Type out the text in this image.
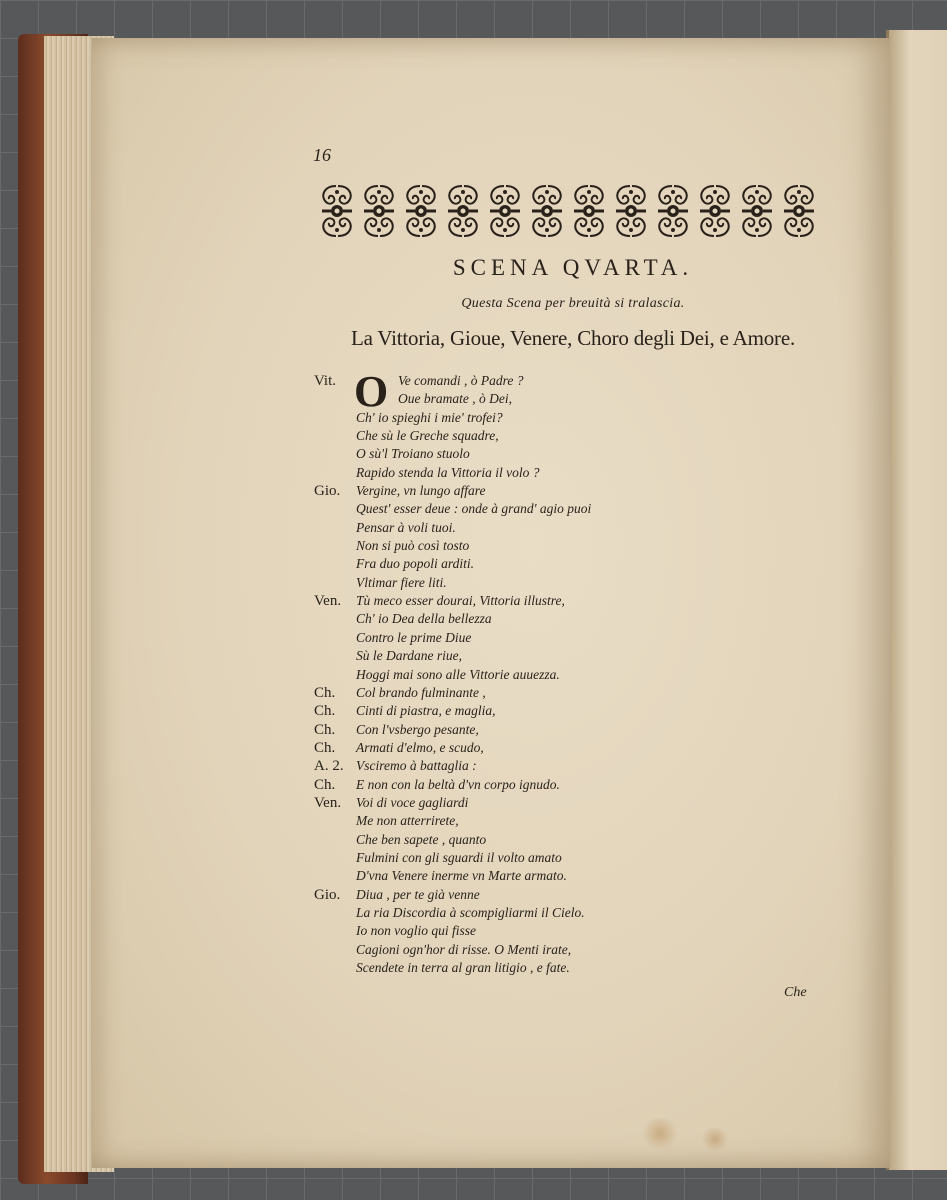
16
SCENA QVARTA.
Questa Scena per breuità si tralascia.
La Vittoria, Gioue, Venere, Choro degli Dei, e Amore.
Vit. O Ve comandi , ò Padre ?
Oue bramate , ò Dei,
Ch' io spieghi i mie' trofei?
Che sù le Greche squadre,
O sù'l Troiano stuolo
Rapido stenda la Vittoria il volo ?
Gio. Vergine, vn lungo affare
Quest' esser deue : onde à grand' agio puoi
Pensar à voli tuoi.
Non si può così tosto
Fra duo popoli arditi.
Vltimar fiere liti.
Ven. Tù meco esser dourai, Vittoria illustre,
Ch' io Dea della bellezza
Contro le prime Diue
Sù le Dardane riue,
Hoggi mai sono alle Vittorie auuezza.
Ch. Col brando fulminante ,
Ch. Cinti di piastra, e maglia,
Ch. Con l'vsbergo pesante,
Ch. Armati d'elmo, e scudo,
A. 2. Vsciremo à battaglia :
Ch. E non con la beltà d'vn corpo ignudo.
Ven. Voi di voce gagliardi
Me non atterrirete,
Che ben sapete , quanto
Fulmini con gli sguardi il volto amato
D'vna Venere inerme vn Marte armato.
Gio. Diua , per te già venne
La ria Discordia à scompigliarmi il Cielo.
Io non voglio qui fisse
Cagioni ogn'hor di risse. O Menti irate,
Scendete in terra al gran litigio , e fate.
Che
